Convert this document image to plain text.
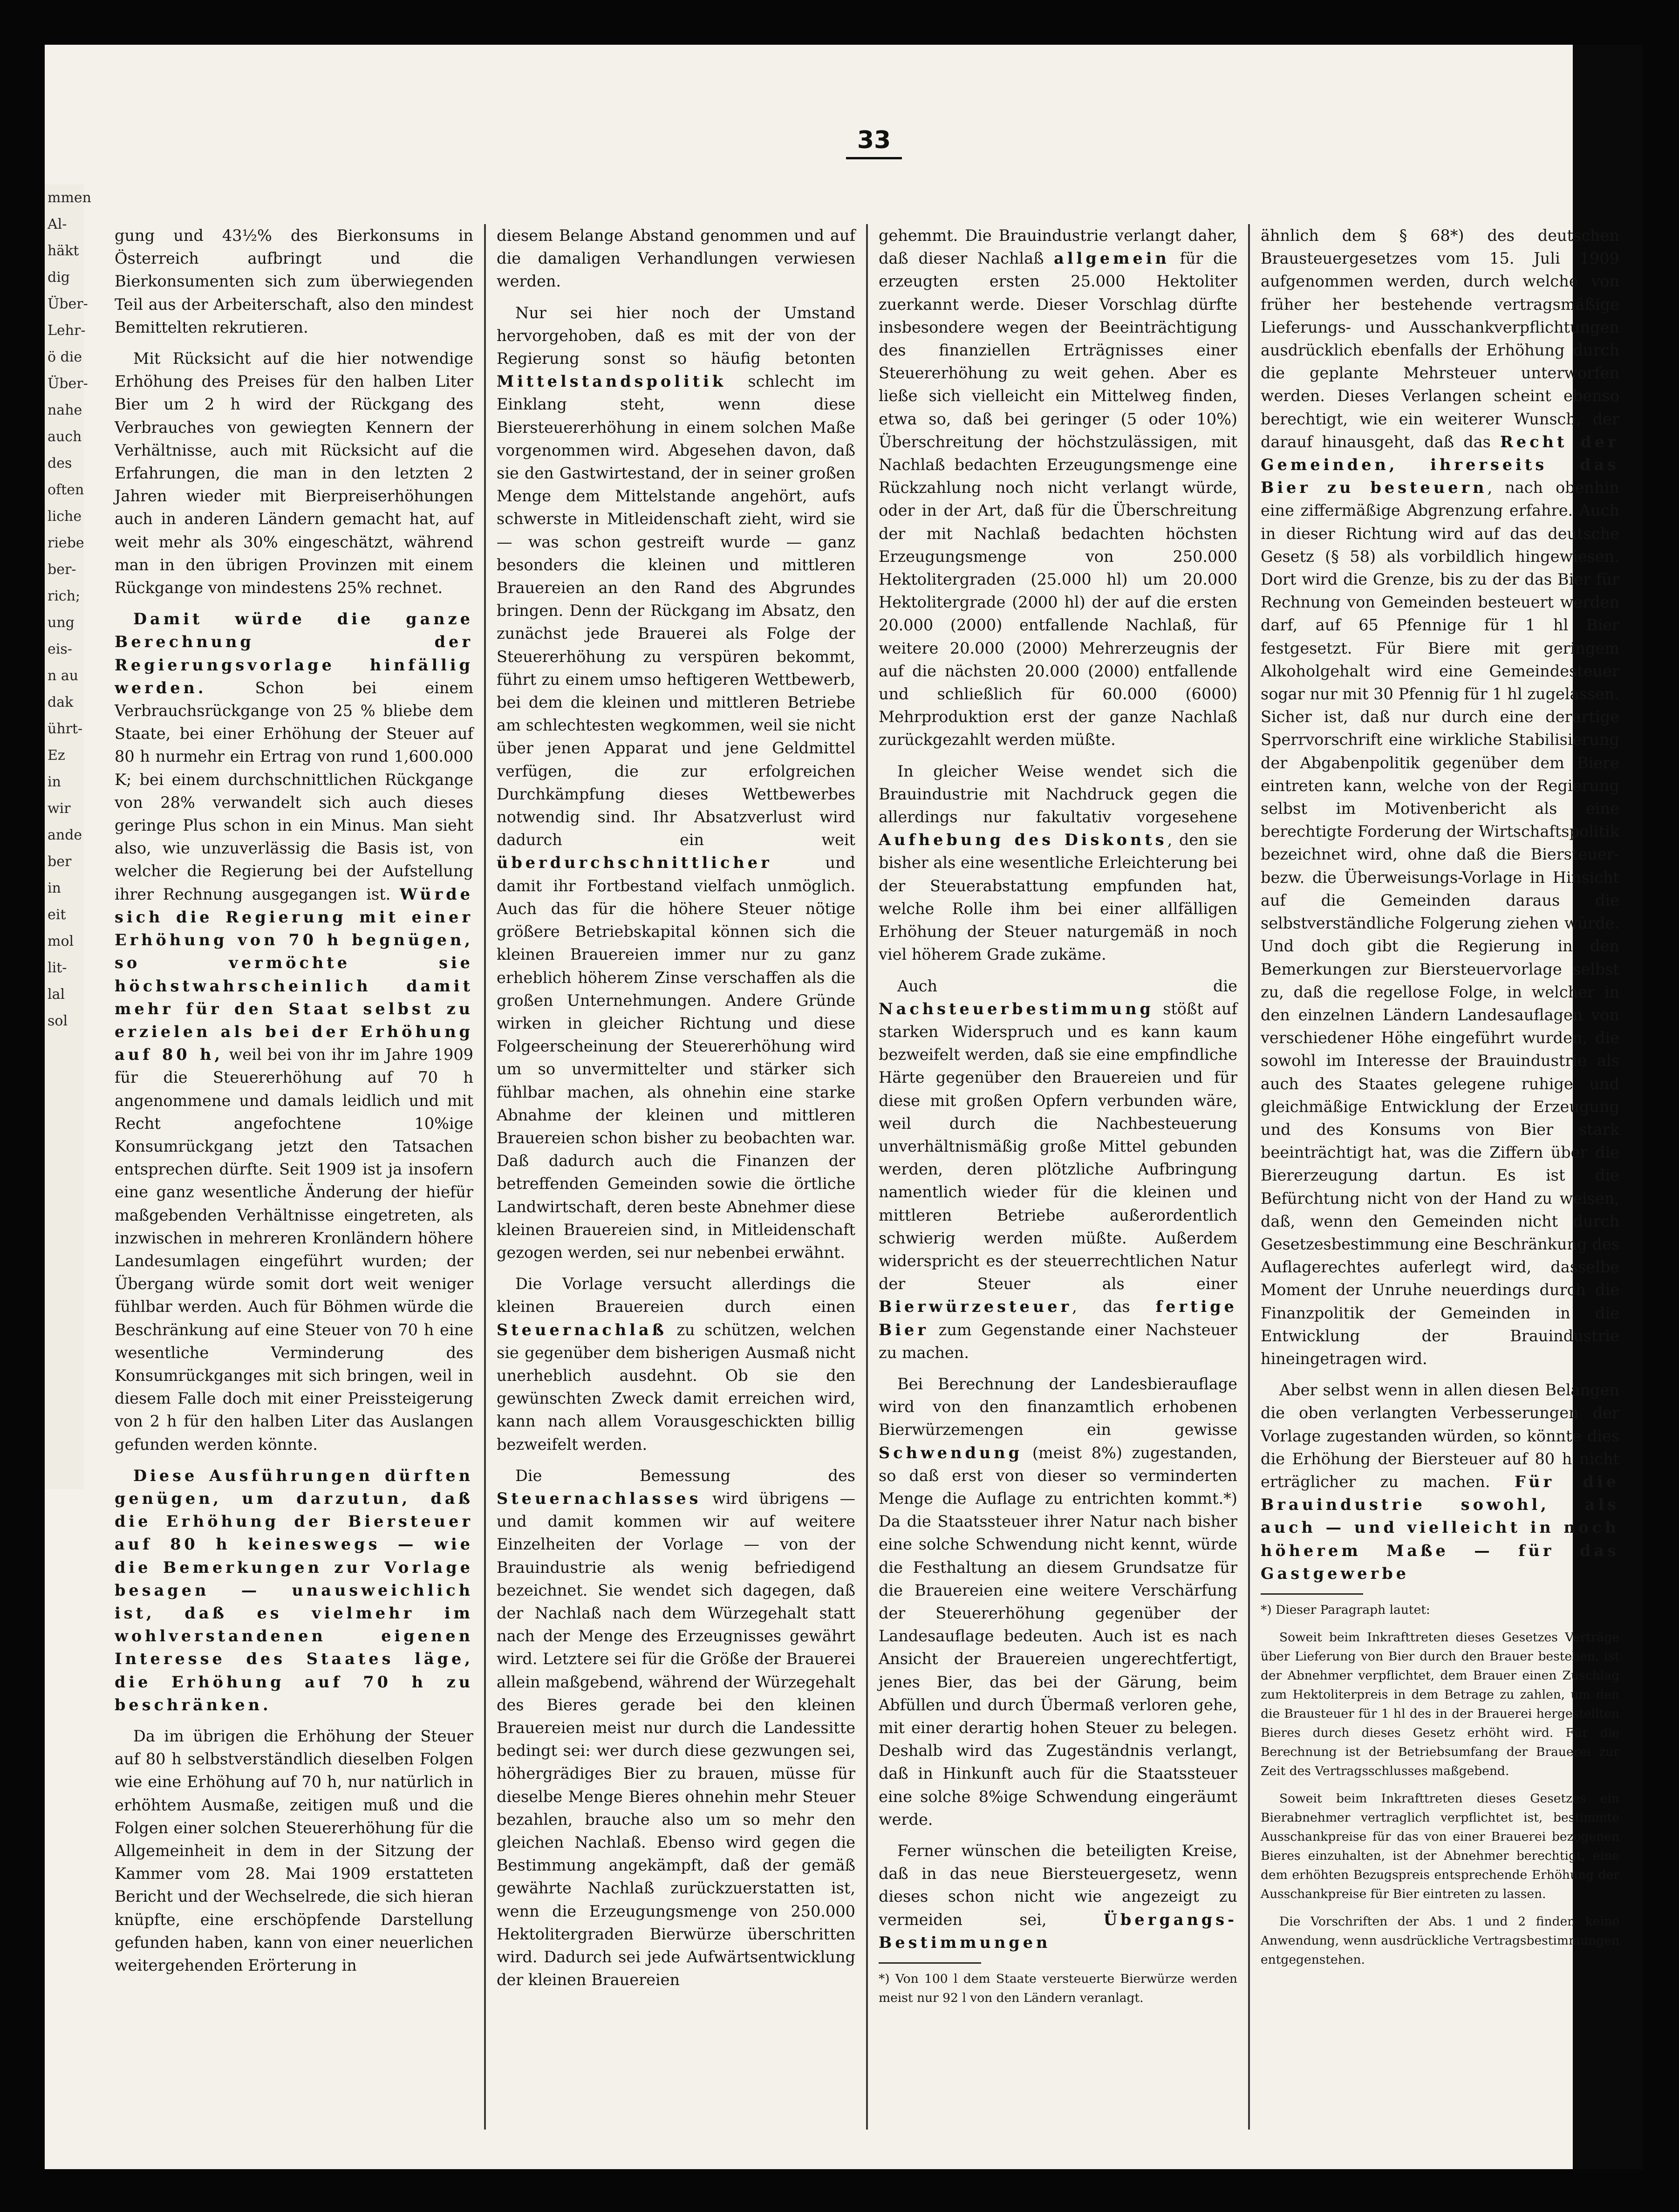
mmen
Al-
häkt
dig
Über-
Lehr-
ö die
Über-
nahe
auch
des
often
liche
riebe
ber-
rich;
ung
eis-
n au
dak
ührt-
Ez
in
wir
ande
ber
in
eit
mol
lit-
lal
sol
33

gung und 43½% des Bierkonsums in Österreich aufbringt und die Bierkonsumenten sich zum überwiegenden Teil aus der Arbeiterschaft, also den mindest Bemittelten rekrutieren.

Mit Rücksicht auf die hier notwendige Erhöhung des Preises für den halben Liter Bier um 2 h wird der Rückgang des Verbrauches von gewiegten Kennern der Verhältnisse, auch mit Rücksicht auf die Erfahrungen, die man in den letzten 2 Jahren wieder mit Bierpreiserhöhungen auch in anderen Ländern gemacht hat, auf weit mehr als 30% eingeschätzt, während man in den übrigen Provinzen mit einem Rückgange von mindestens 25% rechnet.

Damit würde die ganze Berechnung der Regierungsvorlage hinfällig werden. Schon bei einem Verbrauchsrückgange von 25 % bliebe dem Staate, bei einer Erhöhung der Steuer auf 80 h nurmehr ein Ertrag von rund 1,600.000 K; bei einem durchschnittlichen Rückgange von 28% verwandelt sich auch dieses geringe Plus schon in ein Minus. Man sieht also, wie unzuverlässig die Basis ist, von welcher die Regierung bei der Aufstellung ihrer Rechnung ausgegangen ist. Würde sich die Regierung mit einer Erhöhung von 70 h begnügen, so vermöchte sie höchstwahrscheinlich damit mehr für den Staat selbst zu erzielen als bei der Erhöhung auf 80 h, weil bei von ihr im Jahre 1909 für die Steuererhöhung auf 70 h angenommene und damals leidlich und mit Recht angefochtene 10%ige Konsumrückgang jetzt den Tatsachen entsprechen dürfte. Seit 1909 ist ja insofern eine ganz wesentliche Änderung der hiefür maßgebenden Verhältnisse eingetreten, als inzwischen in mehreren Kronländern höhere Landesumlagen eingeführt wurden; der Übergang würde somit dort weit weniger fühlbar werden. Auch für Böhmen würde die Beschränkung auf eine Steuer von 70 h eine wesentliche Verminderung des Konsumrückganges mit sich bringen, weil in diesem Falle doch mit einer Preissteigerung von 2 h für den halben Liter das Auslangen gefunden werden könnte.

Diese Ausführungen dürften genügen, um darzutun, daß die Erhöhung der Biersteuer auf 80 h keineswegs — wie die Bemerkungen zur Vorlage besagen — unausweichlich ist, daß es vielmehr im wohlverstandenen eigenen Interesse des Staates läge, die Erhöhung auf 70 h zu beschränken.

Da im übrigen die Erhöhung der Steuer auf 80 h selbstverständlich dieselben Folgen wie eine Erhöhung auf 70 h, nur natürlich in erhöhtem Ausmaße, zeitigen muß und die Folgen einer solchen Steuererhöhung für die Allgemeinheit in dem in der Sitzung der Kammer vom 28. Mai 1909 erstatteten Bericht und der Wechselrede, die sich hieran knüpfte, eine erschöpfende Darstellung gefunden haben, kann von einer neuerlichen weitergehenden Erörterung in

diesem Belange Abstand genommen und auf die damaligen Verhandlungen verwiesen werden.

Nur sei hier noch der Umstand hervorgehoben, daß es mit der von der Regierung sonst so häufig betonten Mittelstandspolitik schlecht im Einklang steht, wenn diese Biersteuererhöhung in einem solchen Maße vorgenommen wird. Abgesehen davon, daß sie den Gastwirtestand, der in seiner großen Menge dem Mittelstande angehört, aufs schwerste in Mitleidenschaft zieht, wird sie — was schon gestreift wurde — ganz besonders die kleinen und mittleren Brauereien an den Rand des Abgrundes bringen. Denn der Rückgang im Absatz, den zunächst jede Brauerei als Folge der Steuererhöhung zu verspüren bekommt, führt zu einem umso heftigeren Wettbewerb, bei dem die kleinen und mittleren Betriebe am schlechtesten wegkommen, weil sie nicht über jenen Apparat und jene Geldmittel verfügen, die zur erfolgreichen Durchkämpfung dieses Wettbewerbes notwendig sind. Ihr Absatzverlust wird dadurch ein weit überdurchschnittlicher und damit ihr Fortbestand vielfach unmöglich. Auch das für die höhere Steuer nötige größere Betriebskapital können sich die kleinen Brauereien immer nur zu ganz erheblich höherem Zinse verschaffen als die großen Unternehmungen. Andere Gründe wirken in gleicher Richtung und diese Folgeerscheinung der Steuererhöhung wird um so unvermittelter und stärker sich fühlbar machen, als ohnehin eine starke Abnahme der kleinen und mittleren Brauereien schon bisher zu beobachten war. Daß dadurch auch die Finanzen der betreffenden Gemeinden sowie die örtliche Landwirtschaft, deren beste Abnehmer diese kleinen Brauereien sind, in Mitleidenschaft gezogen werden, sei nur nebenbei erwähnt.

Die Vorlage versucht allerdings die kleinen Brauereien durch einen Steuernachlaß zu schützen, welchen sie gegenüber dem bisherigen Ausmaß nicht unerheblich ausdehnt. Ob sie den gewünschten Zweck damit erreichen wird, kann nach allem Vorausgeschickten billig bezweifelt werden.

Die Bemessung des Steuernachlasses wird übrigens — und damit kommen wir auf weitere Einzelheiten der Vorlage — von der Brauindustrie als wenig befriedigend bezeichnet. Sie wendet sich dagegen, daß der Nachlaß nach dem Würzegehalt statt nach der Menge des Erzeugnisses gewährt wird. Letztere sei für die Größe der Brauerei allein maßgebend, während der Würzegehalt des Bieres gerade bei den kleinen Brauereien meist nur durch die Landessitte bedingt sei: wer durch diese gezwungen sei, höhergrädiges Bier zu brauen, müsse für dieselbe Menge Bieres ohnehin mehr Steuer bezahlen, brauche also um so mehr den gleichen Nachlaß. Ebenso wird gegen die Bestimmung angekämpft, daß der gemäß gewährte Nachlaß zurückzuerstatten ist, wenn die Erzeugungsmenge von 250.000 Hektolitergraden Bierwürze überschritten wird. Dadurch sei jede Aufwärtsentwicklung der kleinen Brauereien

gehemmt. Die Brauindustrie verlangt daher, daß dieser Nachlaß allgemein für die erzeugten ersten 25.000 Hektoliter zuerkannt werde. Dieser Vorschlag dürfte insbesondere wegen der Beeinträchtigung des finanziellen Erträgnisses einer Steuererhöhung zu weit gehen. Aber es ließe sich vielleicht ein Mittelweg finden, etwa so, daß bei geringer (5 oder 10%) Überschreitung der höchstzulässigen, mit Nachlaß bedachten Erzeugungsmenge eine Rückzahlung noch nicht verlangt würde, oder in der Art, daß für die Überschreitung der mit Nachlaß bedachten höchsten Erzeugungsmenge von 250.000 Hektolitergraden (25.000 hl) um 20.000 Hektolitergrade (2000 hl) der auf die ersten 20.000 (2000) entfallende Nachlaß, für weitere 20.000 (2000) Mehrerzeugnis der auf die nächsten 20.000 (2000) entfallende und schließlich für 60.000 (6000) Mehrproduktion erst der ganze Nachlaß zurückgezahlt werden müßte.

In gleicher Weise wendet sich die Brauindustrie mit Nachdruck gegen die allerdings nur fakultativ vorgesehene Aufhebung des Diskonts, den sie bisher als eine wesentliche Erleichterung bei der Steuerabstattung empfunden hat, welche Rolle ihm bei einer allfälligen Erhöhung der Steuer naturgemäß in noch viel höherem Grade zukäme.

Auch die Nachsteuerbestimmung stößt auf starken Widerspruch und es kann kaum bezweifelt werden, daß sie eine empfindliche Härte gegenüber den Brauereien und für diese mit großen Opfern verbunden wäre, weil durch die Nachbesteuerung unverhältnismäßig große Mittel gebunden werden, deren plötzliche Aufbringung namentlich wieder für die kleinen und mittleren Betriebe außerordentlich schwierig werden müßte. Außerdem widerspricht es der steuerrechtlichen Natur der Steuer als einer Bierwürzesteuer, das fertige Bier zum Gegenstande einer Nachsteuer zu machen.

Bei Berechnung der Landesbierauflage wird von den finanzamtlich erhobenen Bierwürzemengen ein gewisse Schwendung (meist 8%) zugestanden, so daß erst von dieser so verminderten Menge die Auflage zu entrichten kommt.*) Da die Staatssteuer ihrer Natur nach bisher eine solche Schwendung nicht kennt, würde die Festhaltung an diesem Grundsatze für die Brauereien eine weitere Verschärfung der Steuererhöhung gegenüber der Landesauflage bedeuten. Auch ist es nach Ansicht der Brauereien ungerechtfertigt, jenes Bier, das bei der Gärung, beim Abfüllen und durch Übermaß verloren gehe, mit einer derartig hohen Steuer zu belegen. Deshalb wird das Zugeständnis verlangt, daß in Hinkunft auch für die Staatssteuer eine solche 8%ige Schwendung eingeräumt werde.

Ferner wünschen die beteiligten Kreise, daß in das neue Biersteuergesetz, wenn dieses schon nicht wie angezeigt zu vermeiden sei, Übergangs-Bestimmungen

*) Von 100 l dem Staate versteuerte Bierwürze werden meist nur 92 l von den Ländern veranlagt.

ähnlich dem § 68*) des deutschen Brausteuergesetzes vom 15. Juli 1909 aufgenommen werden, durch welche von früher her bestehende vertragsmäßige Lieferungs- und Ausschankverpflichtungen ausdrücklich ebenfalls der Erhöhung durch die geplante Mehrsteuer unterworfen werden. Dieses Verlangen scheint ebenso berechtigt, wie ein weiterer Wunsch, der darauf hinausgeht, daß das Recht der Gemeinden, ihrerseits das Bier zu besteuern, nach obenhin eine ziffermäßige Abgrenzung erfahre. Auch in dieser Richtung wird auf das deutsche Gesetz (§ 58) als vorbildlich hingewiesen. Dort wird die Grenze, bis zu der das Bier für Rechnung von Gemeinden besteuert werden darf, auf 65 Pfennige für 1 hl Bier festgesetzt. Für Biere mit geringem Alkoholgehalt wird eine Gemeindesteuer sogar nur mit 30 Pfennig für 1 hl zugelassen. Sicher ist, daß nur durch eine derartige Sperrvorschrift eine wirkliche Stabilisierung der Abgabenpolitik gegenüber dem Biere eintreten kann, welche von der Regierung selbst im Motivenbericht als eine berechtigte Forderung der Wirtschaftspolitik bezeichnet wird, ohne daß die Biersteuer- bezw. die Überweisungs-Vorlage in Hinsicht auf die Gemeinden daraus die selbstverständliche Folgerung ziehen würde. Und doch gibt die Regierung in den Bemerkungen zur Biersteuervorlage selbst zu, daß die regellose Folge, in welcher in den einzelnen Ländern Landesauflagen von verschiedener Höhe eingeführt wurden, die sowohl im Interesse der Brauindustrie als auch des Staates gelegene ruhige und gleichmäßige Entwicklung der Erzeugung und des Konsums von Bier stark beeinträchtigt hat, was die Ziffern über die Biererzeugung dartun. Es ist die Befürchtung nicht von der Hand zu weisen, daß, wenn den Gemeinden nicht durch Gesetzesbestimmung eine Beschränkung des Auflagerechtes auferlegt wird, dasselbe Moment der Unruhe neuerdings durch die Finanzpolitik der Gemeinden in die Entwicklung der Brauindustrie hineingetragen wird.

Aber selbst wenn in allen diesen Belangen die oben verlangten Verbesserungen der Vorlage zugestanden würden, so könnte dies die Erhöhung der Biersteuer auf 80 h nicht erträglicher zu machen. Für die Brauindustrie sowohl, als auch — und vielleicht in noch höherem Maße — für das Gastgewerbe

*) Dieser Paragraph lautet:

Soweit beim Inkrafttreten dieses Gesetzes Verträge über Lieferung von Bier durch den Brauer bestehen, ist der Abnehmer verpflichtet, dem Brauer einen Zuschlag zum Hektoliterpreis in dem Betrage zu zahlen, um den die Brausteuer für 1 hl des in der Brauerei hergestellten Bieres durch dieses Gesetz erhöht wird. Für die Berechnung ist der Betriebsumfang der Brauerei zur Zeit des Vertragsschlusses maßgebend.

Soweit beim Inkrafttreten dieses Gesetzes ein Bierabnehmer vertraglich verpflichtet ist, bestimmte Ausschankpreise für das von einer Brauerei bezogenen Bieres einzuhalten, ist der Abnehmer berechtigt, eine dem erhöhten Bezugspreis entsprechende Erhöhung der Ausschankpreise für Bier eintreten zu lassen.

Die Vorschriften der Abs. 1 und 2 finden keine Anwendung, wenn ausdrückliche Vertragsbestimmungen entgegenstehen.
